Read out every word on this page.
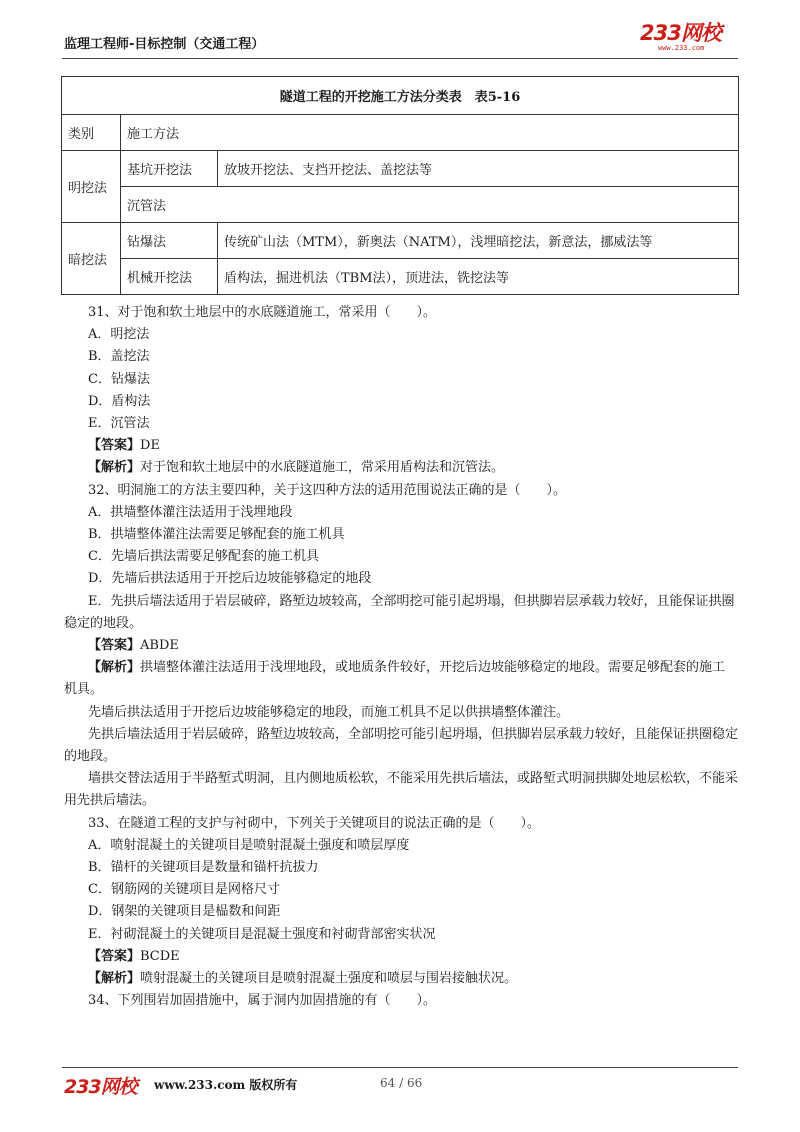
监理工程师-目标控制（交通工程）	233网校
www.233.com
隧道工程的开挖施工方法分类表　表5-16		
类别	施工方法	
明挖法	基坑开挖法	放坡开挖法、支挡开挖法、盖挖法等
	沉管法	
暗挖法	钻爆法	传统矿山法（MTM），新奥法（NATM），浅埋暗挖法，新意法，挪威法等
	机械开挖法	盾构法，掘进机法（TBM法），顶进法，铣挖法等

31、对于饱和软土地层中的水底隧道施工，常采用（　　）。

A．明挖法

B．盖挖法

C．钻爆法

D．盾构法

E．沉管法

【答案】DE

【解析】对于饱和软土地层中的水底隧道施工，常采用盾构法和沉管法。

32、明洞施工的方法主要四种，关于这四种方法的适用范围说法正确的是（　　）。

A．拱墙整体灌注法适用于浅埋地段

B．拱墙整体灌注法需要足够配套的施工机具

C．先墙后拱法需要足够配套的施工机具

D．先墙后拱法适用于开挖后边坡能够稳定的地段

E．先拱后墙法适用于岩层破碎，路堑边坡较高，全部明挖可能引起坍塌，但拱脚岩层承载力较好，且能保证拱圈稳定的地段。

【答案】ABDE

【解析】拱墙整体灌注法适用于浅埋地段，或地质条件较好，开挖后边坡能够稳定的地段。需要足够配套的施工机具。

先墙后拱法适用于开挖后边坡能够稳定的地段，而施工机具不足以供拱墙整体灌注。

先拱后墙法适用于岩层破碎，路堑边坡较高，全部明挖可能引起坍塌，但拱脚岩层承载力较好，且能保证拱圈稳定的地段。

墙拱交替法适用于半路堑式明洞，且内侧地质松软，不能采用先拱后墙法，或路堑式明洞拱脚处地层松软，不能采用先拱后墙法。

33、在隧道工程的支护与衬砌中，下列关于关键项目的说法正确的是（　　）。

A．喷射混凝土的关键项目是喷射混凝土强度和喷层厚度

B．锚杆的关键项目是数量和锚杆抗拔力

C．钢筋网的关键项目是网格尺寸

D．钢架的关键项目是榀数和间距

E．衬砌混凝土的关键项目是混凝土强度和衬砌背部密实状况

【答案】BCDE

【解析】喷射混凝土的关键项目是喷射混凝土强度和喷层与围岩接触状况。

34、下列围岩加固措施中，属于洞内加固措施的有（　　）。

233网校 www.233.com 版权所有	64 / 66
